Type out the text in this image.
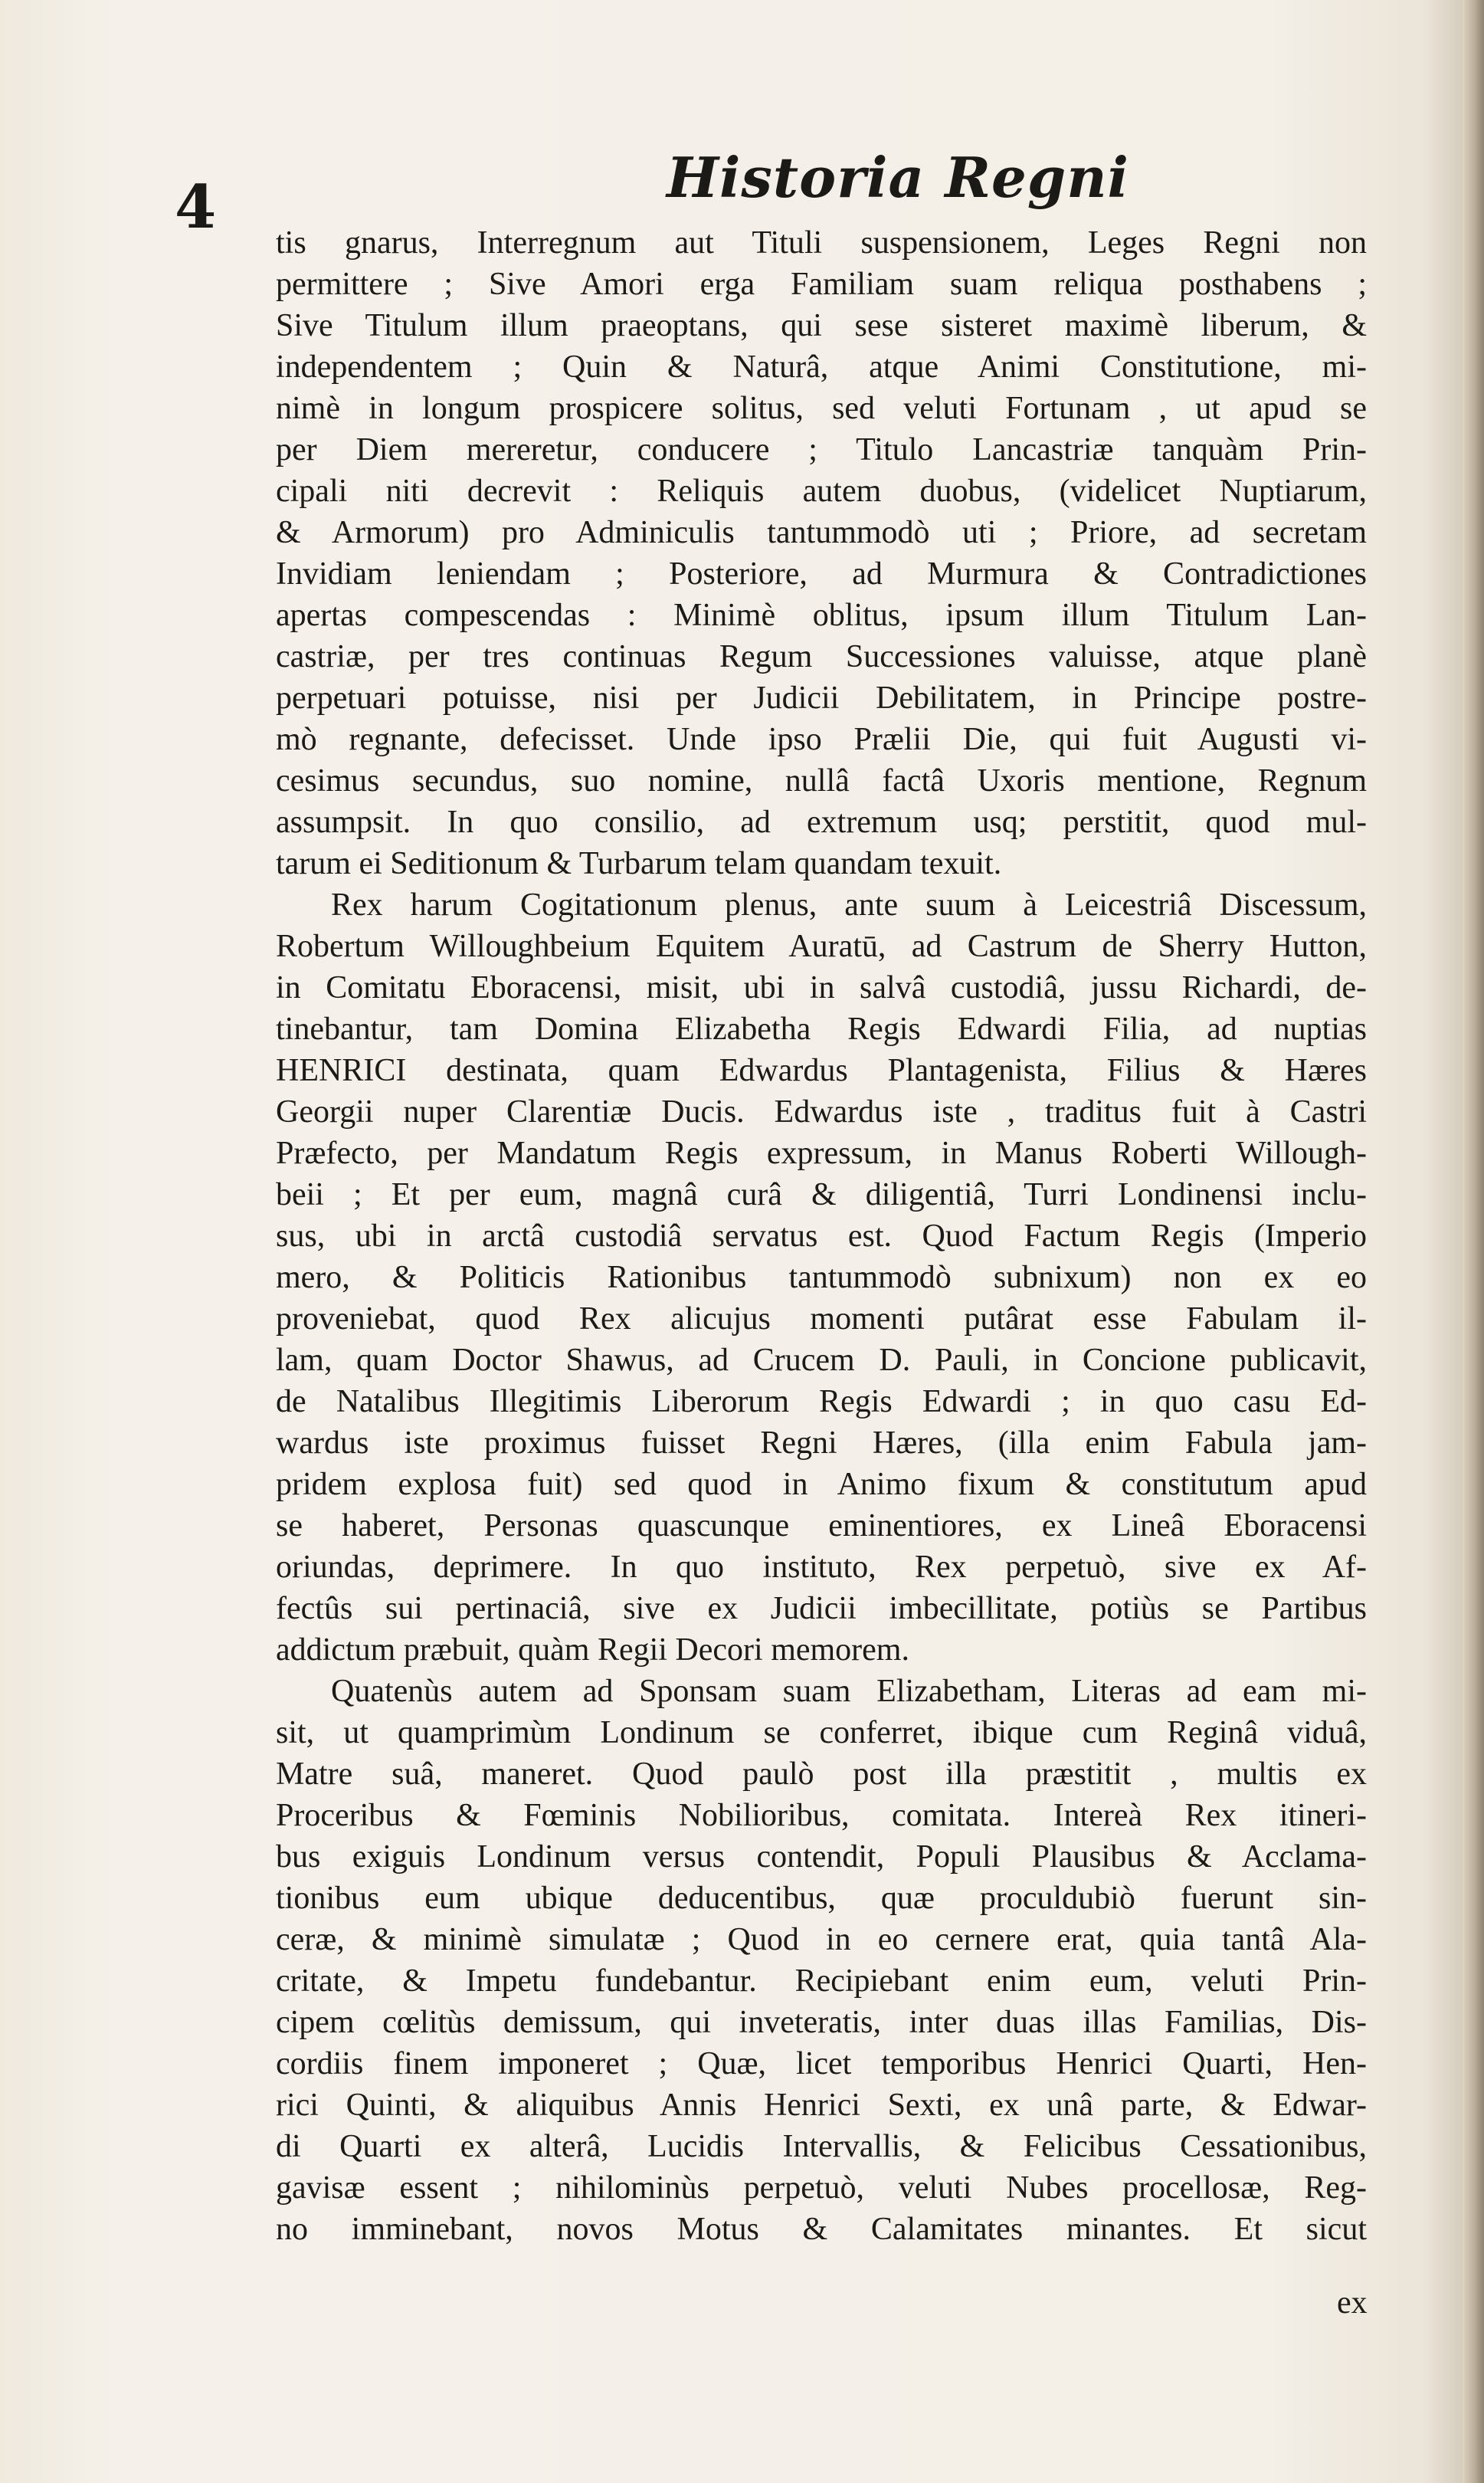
4	Historia Regni
tis gnarus, Interregnum aut Tituli suspensionem, Leges Regni non
permittere ; Sive Amori erga Familiam suam reliqua posthabens ;
Sive Titulum illum praeoptans, qui sese sisteret maximè liberum, &
independentem ; Quin & Naturâ, atque Animi Constitutione, mi-
nimè in longum prospicere solitus, sed veluti Fortunam , ut apud se
per Diem mereretur, conducere ; Titulo Lancastriæ tanquàm Prin-
cipali niti decrevit : Reliquis autem duobus, (videlicet Nuptiarum,
& Armorum) pro Adminiculis tantummodò uti ; Priore, ad secretam
Invidiam leniendam ; Posteriore, ad Murmura & Contradictiones
apertas compescendas : Minimè oblitus, ipsum illum Titulum Lan-
castriæ, per tres continuas Regum Successiones valuisse, atque planè
perpetuari potuisse, nisi per Judicii Debilitatem, in Principe postre-
mò regnante, defecisset. Unde ipso Prælii Die, qui fuit Augusti vi-
cesimus secundus, suo nomine, nullâ factâ Uxoris mentione, Regnum
assumpsit. In quo consilio, ad extremum usq; perstitit, quod mul-
tarum ei Seditionum & Turbarum telam quandam texuit.
Rex harum Cogitationum plenus, ante suum à Leicestriâ Discessum,
Robertum Willoughbeium Equitem Auratū, ad Castrum de Sherry Hutton,
in Comitatu Eboracensi, misit, ubi in salvâ custodiâ, jussu Richardi, de-
tinebantur, tam Domina Elizabetha Regis Edwardi Filia, ad nuptias
HENRICI destinata, quam Edwardus Plantagenista, Filius & Hæres
Georgii nuper Clarentiæ Ducis. Edwardus iste , traditus fuit à Castri
Præfecto, per Mandatum Regis expressum, in Manus Roberti Willough-
beii ; Et per eum, magnâ curâ & diligentiâ, Turri Londinensi inclu-
sus, ubi in arctâ custodiâ servatus est. Quod Factum Regis (Imperio
mero, & Politicis Rationibus tantummodò subnixum) non ex eo
proveniebat, quod Rex alicujus momenti putârat esse Fabulam il-
lam, quam Doctor Shawus, ad Crucem D. Pauli, in Concione publicavit,
de Natalibus Illegitimis Liberorum Regis Edwardi ; in quo casu Ed-
wardus iste proximus fuisset Regni Hæres, (illa enim Fabula jam-
pridem explosa fuit) sed quod in Animo fixum & constitutum apud
se haberet, Personas quascunque eminentiores, ex Lineâ Eboracensi
oriundas, deprimere. In quo instituto, Rex perpetuò, sive ex Af-
fectûs sui pertinaciâ, sive ex Judicii imbecillitate, potiùs se Partibus
addictum præbuit, quàm Regii Decori memorem.
Quatenùs autem ad Sponsam suam Elizabetham, Literas ad eam mi-
sit, ut quamprimùm Londinum se conferret, ibique cum Reginâ viduâ,
Matre suâ, maneret. Quod paulò post illa præstitit , multis ex
Proceribus & Fœminis Nobilioribus, comitata. Intereà Rex itineri-
bus exiguis Londinum versus contendit, Populi Plausibus & Acclama-
tionibus eum ubique deducentibus, quæ proculdubiò fuerunt sin-
ceræ, & minimè simulatæ ; Quod in eo cernere erat, quia tantâ Ala-
critate, & Impetu fundebantur. Recipiebant enim eum, veluti Prin-
cipem cœlitùs demissum, qui inveteratis, inter duas illas Familias, Dis-
cordiis finem imponeret ; Quæ, licet temporibus Henrici Quarti, Hen-
rici Quinti, & aliquibus Annis Henrici Sexti, ex unâ parte, & Edwar-
di Quarti ex alterâ, Lucidis Intervallis, & Felicibus Cessationibus,
gavisæ essent ; nihilominùs perpetuò, veluti Nubes procellosæ, Reg-
no imminebant, novos Motus & Calamitates minantes. Et sicut
ex
